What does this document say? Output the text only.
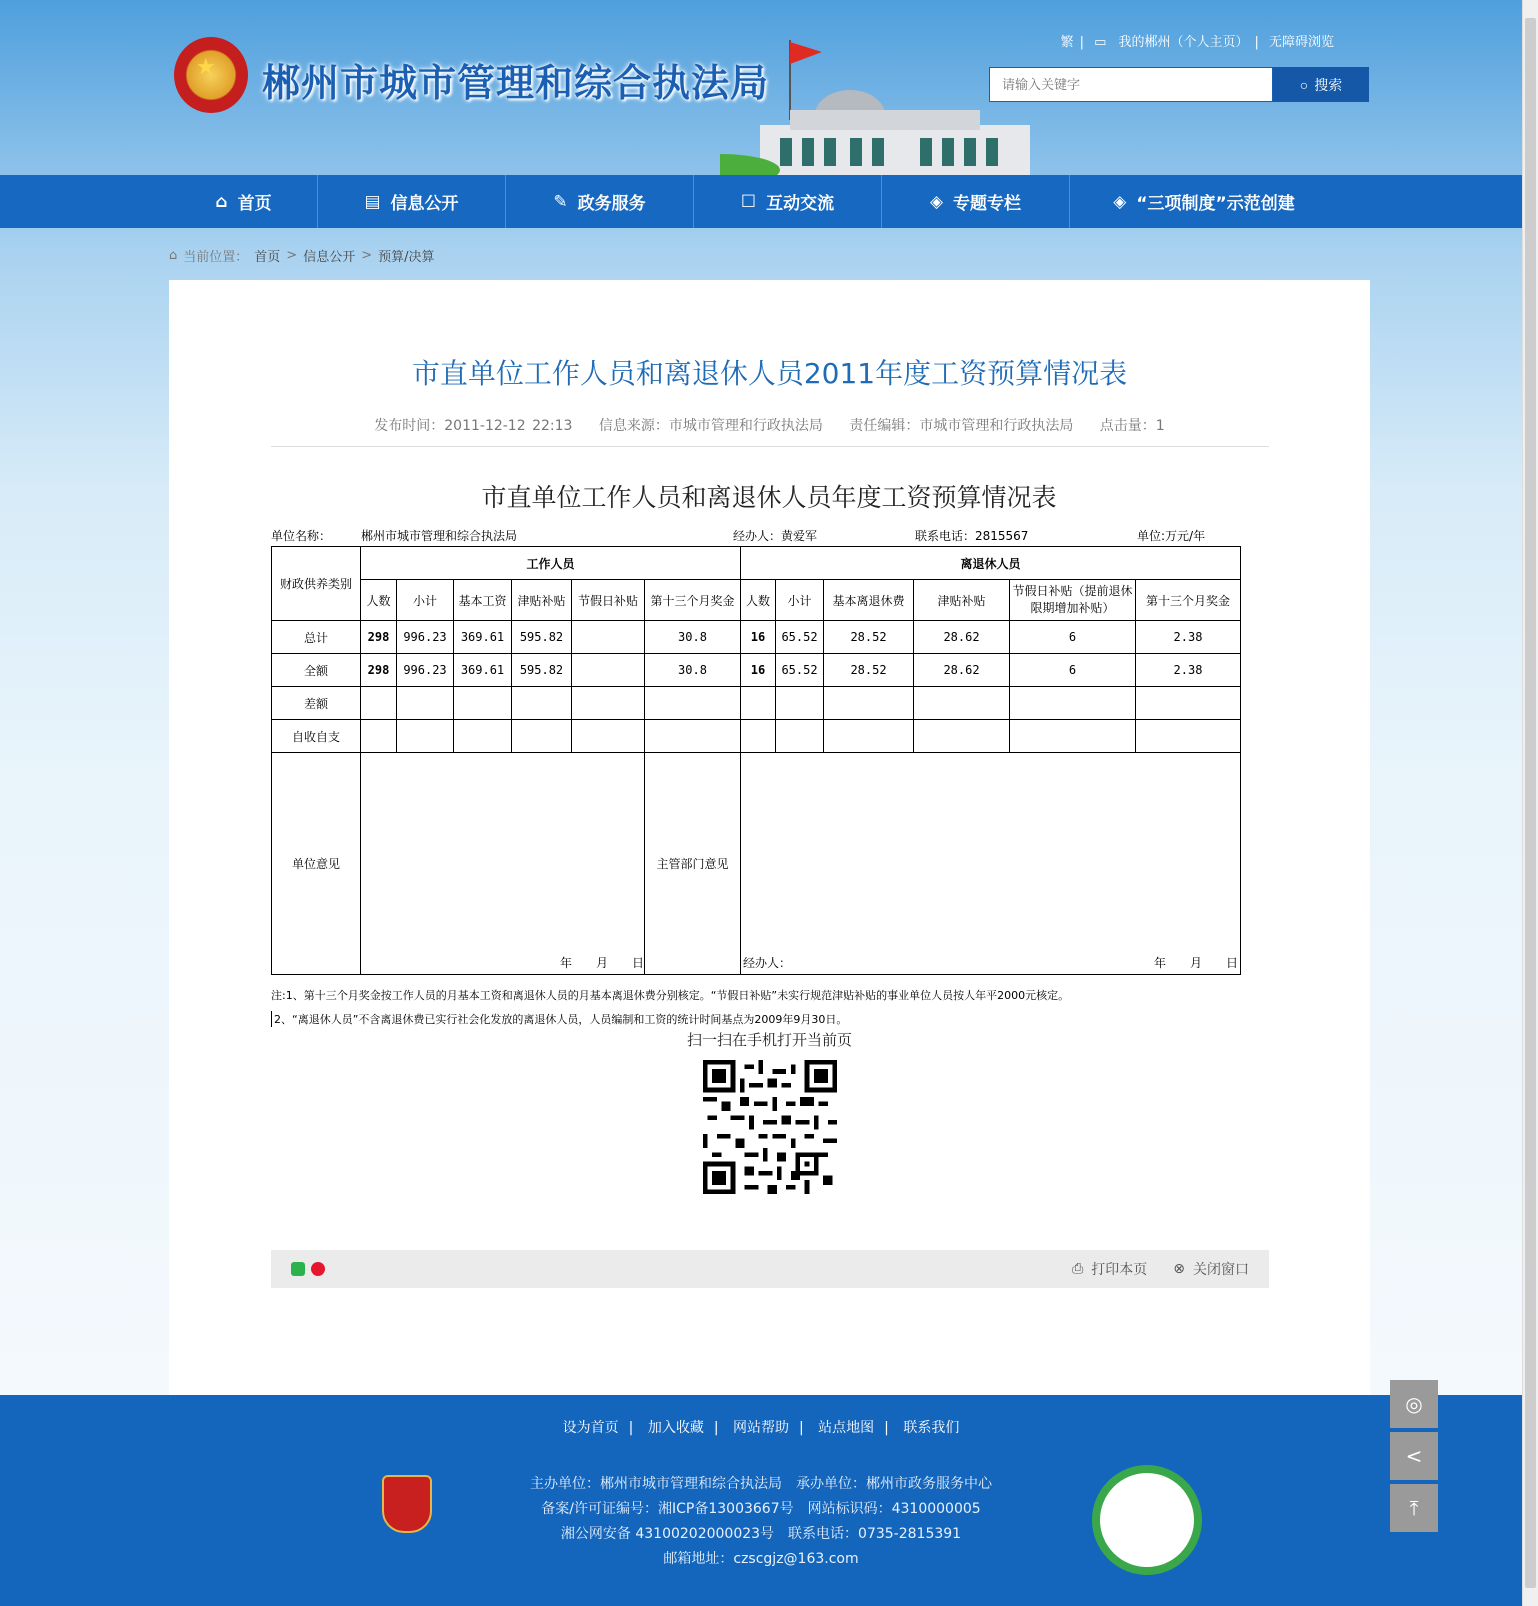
★ 郴州市城市管理和综合执法局
繁 | ▭ 我的郴州（个人主页） | 无障碍浏览
请输入关键字
○ 搜索
⌂ 首页	▤ 信息公开	✎ 政务服务	☐ 互动交流	◈ 专题专栏	◈ “三项制度”示范创建
⌂ 当前位置： 首页 > 信息公开 > 预算/决算
市直单位工作人员和离退休人员2011年度工资预算情况表
发布时间：2011-12-12 22:13 信息来源：市城市管理和行政执法局 责任编辑：市城市管理和行政执法局 点击量：1
市直单位工作人员和离退休人员年度工资预算情况表
单位名称： 郴州市城市管理和综合执法局	经办人：黄爱军	联系电话：2815567	单位:万元/年
财政供养类别	工作人员						离退休人员					
	人数	小计	基本工资	津贴补贴	节假日补贴	第十三个月奖金	人数	小计	基本离退休费	津贴补贴	节假日补贴（提前退休限期增加补贴）	第十三个月奖金
总计	298	996.23	369.61	595.82		30.8	16	65.52	28.52	28.62	6	2.38
全额	298	996.23	369.61	595.82		30.8	16	65.52	28.52	28.62	6	2.38
差额												
自收自支												
单位意见	年　　月　　日					主管部门意见	经办人： 年　　月　　日					
注:1、第十三个月奖金按工作人员的月基本工资和离退休人员的月基本离退休费分别核定。“节假日补贴”未实行规范津贴补贴的事业单位人员按人年平2000元核定。
2、“离退休人员”不含离退休费已实行社会化发放的离退休人员，人员编制和工资的统计时间基点为2009年9月30日。
扫一扫在手机打开当前页
⎙ 打印本页 ⊗ 关闭窗口
设为首页 | 加入收藏 | 网站帮助 | 站点地图 | 联系我们
主办单位：郴州市城市管理和综合执法局　承办单位：郴州市政务服务中心
备案/许可证编号：湘ICP备13003667号　网站标识码：4310000005
湘公网安备 43100202000023号　联系电话：0735-2815391
邮箱地址：czscgjz@163.com
◎
<
⤒
